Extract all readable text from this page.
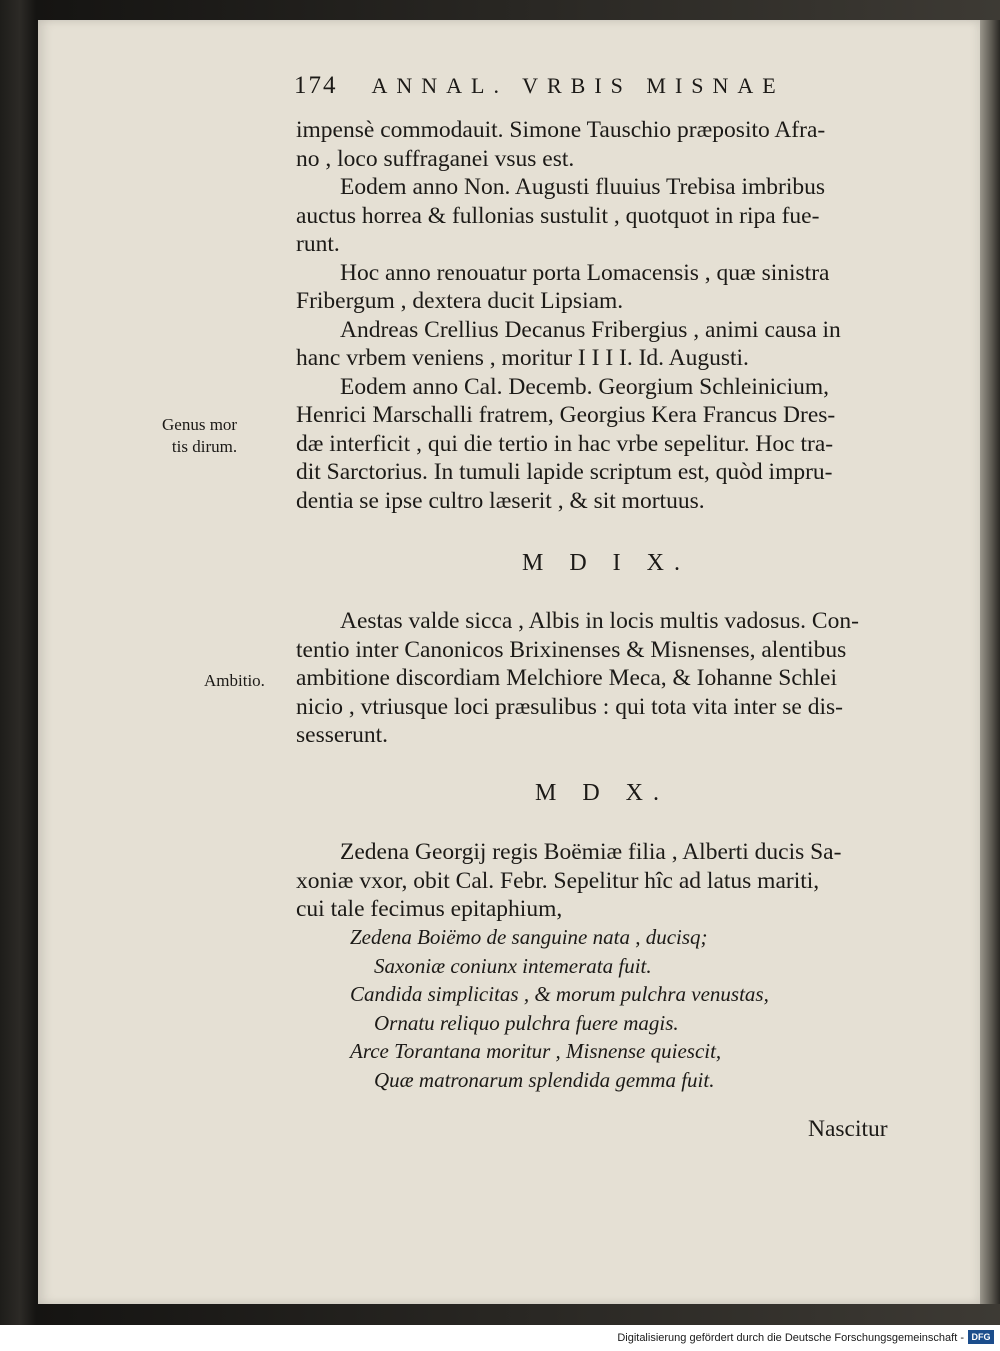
174 ANNAL. VRBIS MISNAE
impensè commodauit. Simone Tauschio præposito Afra-
no , loco suffraganei vsus est.
Eodem anno Non. Augusti fluuius Trebisa imbribus
auctus horrea & fullonias sustulit , quotquot in ripa fue-
runt.
Hoc anno renouatur porta Lomacensis , quæ sinistra
Fribergum , dextera ducit Lipsiam.
Andreas Crellius Decanus Fribergius , animi causa in
hanc vrbem veniens , moritur I I I I. Id. Augusti.
Eodem anno Cal. Decemb. Georgium Schleinicium,
Henrici Marschalli fratrem, Georgius Kera Francus Dres-
dæ interficit , qui die tertio in hac vrbe sepelitur. Hoc tra-
dit Sarctorius. In tumuli lapide scriptum est, quòd impru-
dentia se ipse cultro læserit , & sit mortuus.
Genus mor
tis dirum.
M D I X.
Aestas valde sicca , Albis in locis multis vadosus. Con-
tentio inter Canonicos Brixinenses & Misnenses, alentibus
ambitione discordiam Melchiore Meca, & Iohanne Schlei
nicio , vtriusque loci præsulibus : qui tota vita inter se dis-
sesserunt.
Ambitio.
M D X.
Zedena Georgij regis Boëmiæ filia , Alberti ducis Sa-
xoniæ vxor, obit Cal. Febr. Sepelitur hîc ad latus mariti,
cui tale fecimus epitaphium,
Zedena Boiëmo de sanguine nata , ducisq;
Saxoniæ coniunx intemerata fuit.
Candida simplicitas , & morum pulchra venustas,
Ornatu reliquo pulchra fuere magis.
Arce Torantana moritur , Misnense quiescit,
Quæ matronarum splendida gemma fuit.
Nascitur
Digitalisierung gefördert durch die Deutsche Forschungsgemeinschaft - DFG
